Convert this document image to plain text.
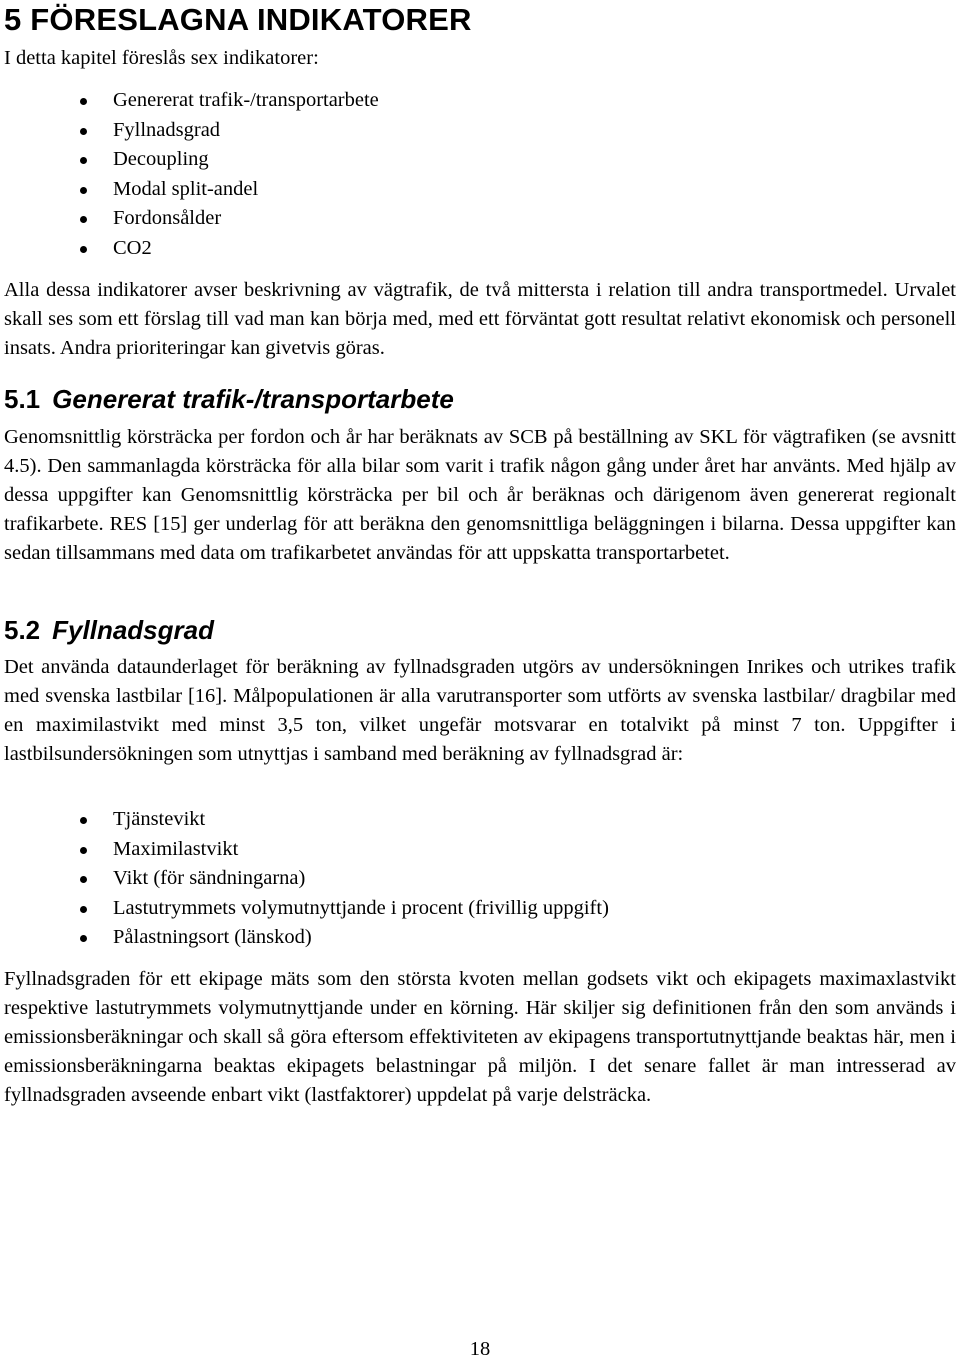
5 FÖRESLAGNA INDIKATORER

I detta kapitel föreslås sex indikatorer:

Genererat trafik-/transportarbete
Fyllnadsgrad
Decoupling
Modal split-andel
Fordonsålder
CO2

Alla dessa indikatorer avser beskrivning av vägtrafik, de två mittersta i relation till andra transportmedel. Urvalet skall ses som ett förslag till vad man kan börja med, med ett förväntat gott resultat relativt ekonomisk och personell insats. Andra prioriteringar kan givetvis göras.

5.1 Genererat trafik-/transportarbete

Genomsnittlig körsträcka per fordon och år har beräknats av SCB på beställning av SKL för vägtrafiken (se avsnitt 4.5). Den sammanlagda körsträcka för alla bilar som varit i trafik någon gång under året har använts. Med hjälp av dessa uppgifter kan Genomsnittlig körsträcka per bil och år beräknas och därigenom även genererat regionalt trafikarbete. RES [15] ger underlag för att beräkna den genomsnittliga beläggningen i bilarna. Dessa uppgifter kan sedan tillsammans med data om trafikarbetet användas för att uppskatta transportarbetet.

5.2 Fyllnadsgrad

Det använda dataunderlaget för beräkning av fyllnadsgraden utgörs av undersökningen Inrikes och utrikes trafik med svenska lastbilar [16]. Målpopulationen är alla varutransporter som utförts av svenska lastbilar/ dragbilar med en maximilastvikt med minst 3,5 ton, vilket ungefär motsvarar en totalvikt på minst 7 ton. Uppgifter i lastbilsundersökningen som utnyttjas i samband med beräkning av fyllnadsgrad är:

Tjänstevikt
Maximilastvikt
Vikt (för sändningarna)
Lastutrymmets volymutnyttjande i procent (frivillig uppgift)
Pålastningsort (länskod)

Fyllnadsgraden för ett ekipage mäts som den största kvoten mellan godsets vikt och ekipagets maximaxlastvikt respektive lastutrymmets volymutnyttjande under en körning. Här skiljer sig definitionen från den som används i emissionsberäkningar och skall så göra eftersom effektiviteten av ekipagens transportutnyttjande beaktas här, men i emissionsberäkningarna beaktas ekipagets belastningar på miljön. I det senare fallet är man intresserad av fyllnadsgraden avseende enbart vikt (lastfaktorer) uppdelat på varje delsträcka.

18
